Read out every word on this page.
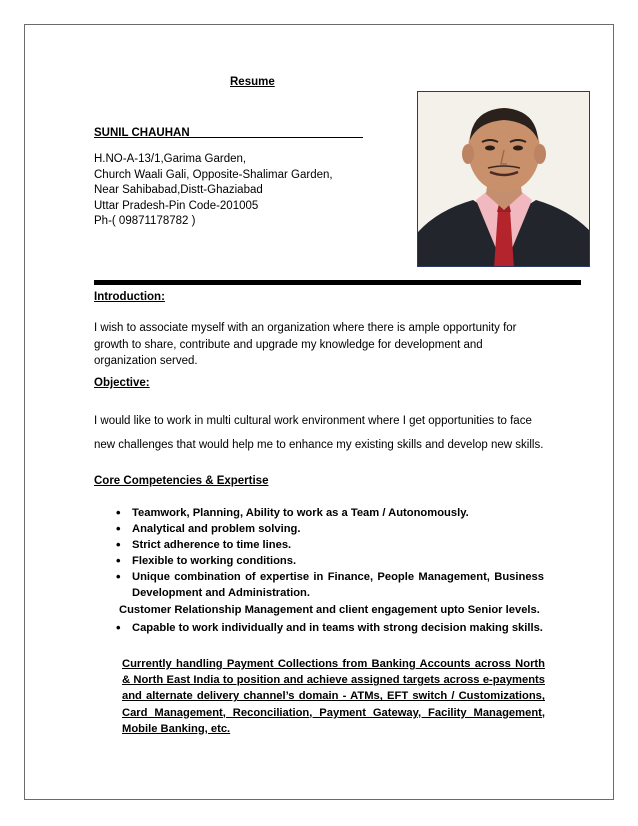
Resume
SUNIL CHAUHAN
H.NO-A-13/1,Garima Garden,
Church Waali Gali, Opposite-Shalimar Garden,
Near Sahibabad,Distt-Ghaziabad
Uttar Pradesh-Pin Code-201005
Ph-( 09871178782 )
Introduction:
I wish to associate myself with an organization where there is ample opportunity for growth to share, contribute and upgrade my knowledge for development and organization served.
Objective:
I would like to work in multi cultural work environment where I get opportunities to face new challenges that would help me to enhance my existing skills and develop new skills.
Core Competencies & Expertise
• Teamwork, Planning, Ability to work as a Team / Autonomously.
• Analytical and problem solving.
• Strict adherence to time lines.
• Flexible to working conditions.
• Unique combination of expertise in Finance, People Management, Business Development and Administration.
Customer Relationship Management and client engagement upto Senior levels.
• Capable to work individually and in teams with strong decision making skills.
Currently handling Payment Collections from Banking Accounts across North & North East India to position and achieve assigned targets across e-payments and alternate delivery channel’s domain - ATMs, EFT switch / Customizations, Card Management, Reconciliation, Payment Gateway, Facility Management, Mobile Banking, etc.
